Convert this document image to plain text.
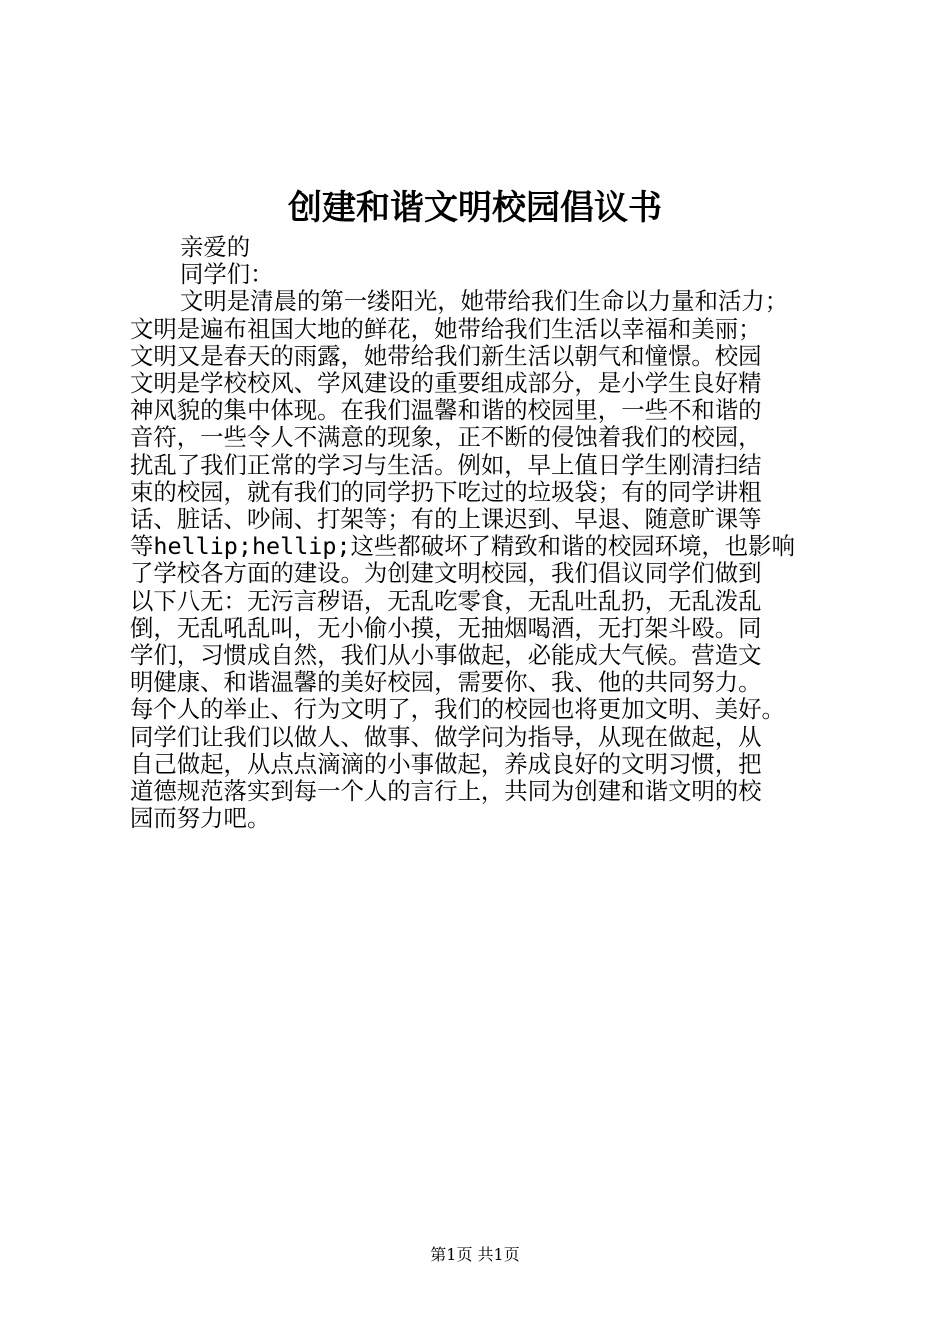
创建和谐文明校园倡议书

亲爱的

同学们：

文明是清晨的第一缕阳光，她带给我们生命以力量和活力；

文明是遍布祖国大地的鲜花，她带给我们生活以幸福和美丽；

文明又是春天的雨露，她带给我们新生活以朝气和憧憬。校园

文明是学校校风、学风建设的重要组成部分，是小学生良好精

神风貌的集中体现。在我们温馨和谐的校园里，一些不和谐的

音符，一些令人不满意的现象，正不断的侵蚀着我们的校园，

扰乱了我们正常的学习与生活。例如，早上值日学生刚清扫结

束的校园，就有我们的同学扔下吃过的垃圾袋；有的同学讲粗

话、脏话、吵闹、打架等；有的上课迟到、早退、随意旷课等

等hellip;hellip;这些都破坏了精致和谐的校园环境，也影响

了学校各方面的建设。为创建文明校园，我们倡议同学们做到

以下八无：无污言秽语，无乱吃零食，无乱吐乱扔，无乱泼乱

倒，无乱吼乱叫，无小偷小摸，无抽烟喝酒，无打架斗殴。同

学们，习惯成自然，我们从小事做起，必能成大气候。营造文

明健康、和谐温馨的美好校园，需要你、我、他的共同努力。

每个人的举止、行为文明了，我们的校园也将更加文明、美好。

同学们让我们以做人、做事、做学问为指导，从现在做起，从

自己做起，从点点滴滴的小事做起，养成良好的文明习惯，把

道德规范落实到每一个人的言行上，共同为创建和谐文明的校

园而努力吧。

第1页 共1页
